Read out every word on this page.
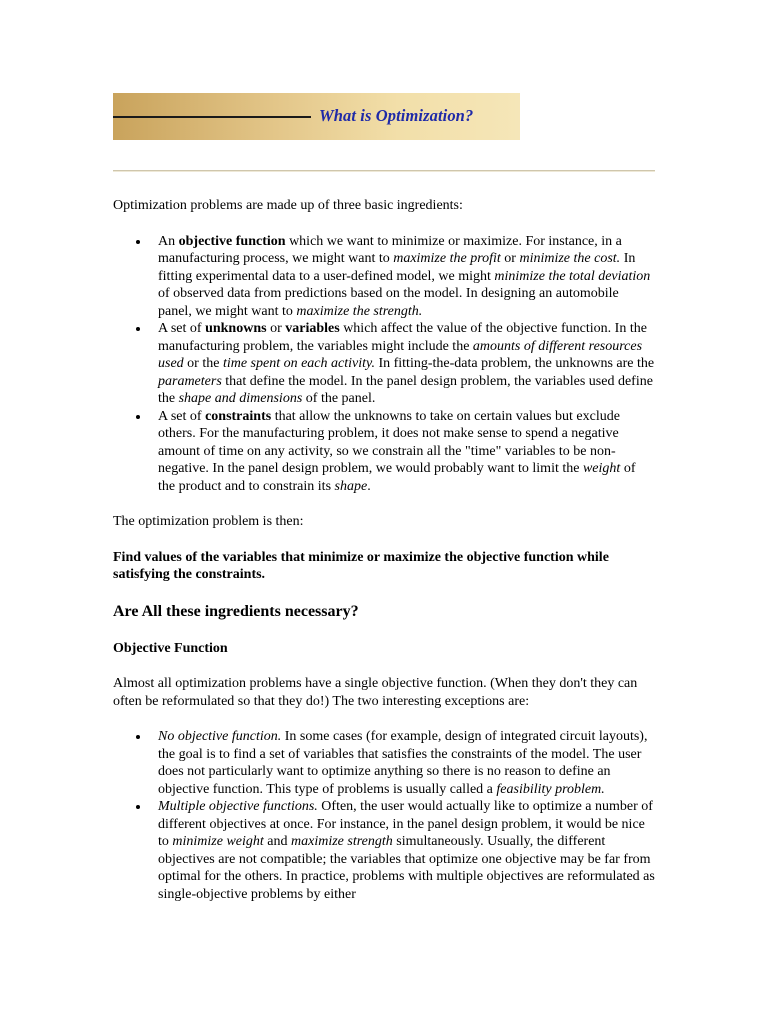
What is Optimization?

Optimization problems are made up of three basic ingredients:

An objective function which we want to minimize or maximize. For instance, in a manufacturing process, we might want to maximize the profit or minimize the cost. In fitting experimental data to a user-defined model, we might minimize the total deviation of observed data from predictions based on the model. In designing an automobile panel, we might want to maximize the strength.
A set of unknowns or variables which affect the value of the objective function. In the manufacturing problem, the variables might include the amounts of different resources used or the time spent on each activity. In fitting-the-data problem, the unknowns are the parameters that define the model. In the panel design problem, the variables used define the shape and dimensions of the panel.
A set of constraints that allow the unknowns to take on certain values but exclude others. For the manufacturing problem, it does not make sense to spend a negative amount of time on any activity, so we constrain all the "time" variables to be non-negative. In the panel design problem, we would probably want to limit the weight of the product and to constrain its shape.

The optimization problem is then:

Find values of the variables that minimize or maximize the objective function while satisfying the constraints.

Are All these ingredients necessary?
Objective Function

Almost all optimization problems have a single objective function. (When they don't they can often be reformulated so that they do!) The two interesting exceptions are:

No objective function. In some cases (for example, design of integrated circuit layouts), the goal is to find a set of variables that satisfies the constraints of the model. The user does not particularly want to optimize anything so there is no reason to define an objective function. This type of problems is usually called a feasibility problem.
Multiple objective functions. Often, the user would actually like to optimize a number of different objectives at once. For instance, in the panel design problem, it would be nice to minimize weight and maximize strength simultaneously. Usually, the different objectives are not compatible; the variables that optimize one objective may be far from optimal for the others. In practice, problems with multiple objectives are reformulated as single-objective problems by either
